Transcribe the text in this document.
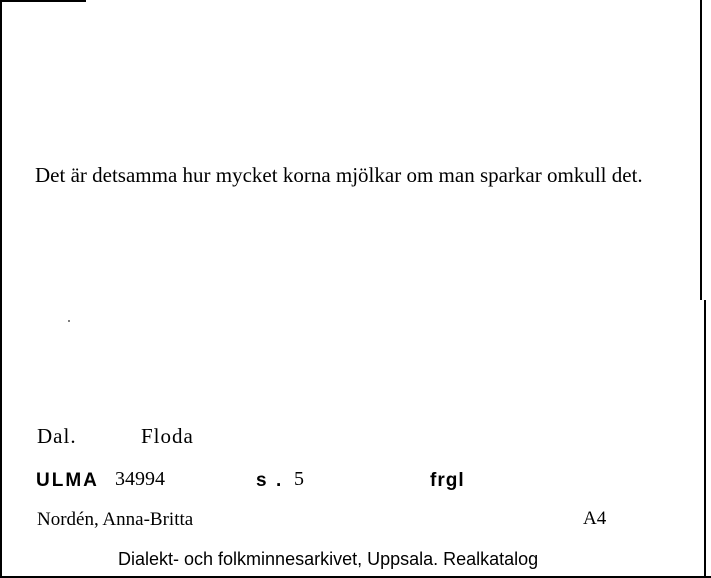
Det är detsamma hur mycket korna mjölkar om man sparkar omkull det.
Dal.	Floda
ULMA 34994	s . 5	frgl
Nordén, Anna-Britta	A4
Dialekt- och folkminnesarkivet, Uppsala. Realkatalog
